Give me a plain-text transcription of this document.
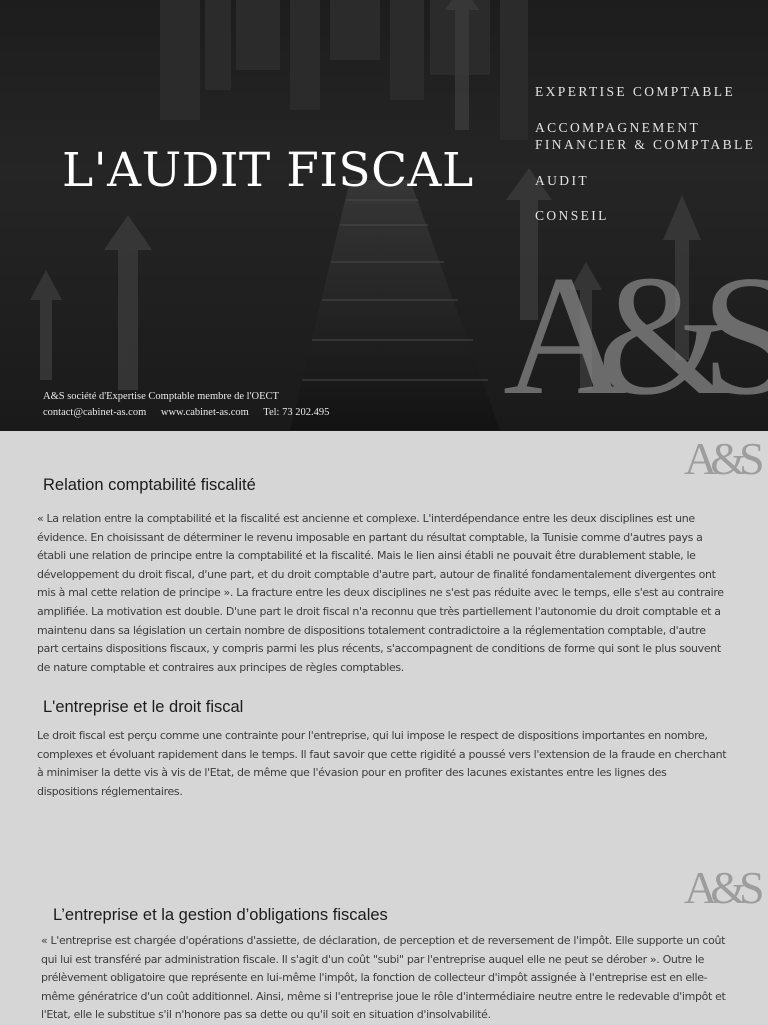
L'AUDIT FISCAL
EXPERTISE COMPTABLE
ACCOMPAGNEMENT
FINANCIER & COMPTABLE
AUDIT
CONSEIL
A&S
A&S société d'Expertise Comptable membre de l'OECT
contact@cabinet-as.com www.cabinet-as.com Tel: 73 202.495
A&S
A&S
Relation comptabilité fiscalité

« La relation entre la comptabilité et la fiscalité est ancienne et complexe. L'interdépendance entre les deux disciplines est une évidence. En choisissant de déterminer le revenu imposable en partant du résultat comptable, la Tunisie comme d'autres pays a établi une relation de principe entre la comptabilité et la fiscalité. Mais le lien ainsi établi ne pouvait être durablement stable, le développement du droit fiscal, d'une part, et du droit comptable d'autre part, autour de finalité fondamentalement divergentes ont mis à mal cette relation de principe ». La fracture entre les deux disciplines ne s'est pas réduite avec le temps, elle s'est au contraire amplifiée. La motivation est double. D'une part le droit fiscal n'a reconnu que très partiellement l'autonomie du droit comptable et a maintenu dans sa législation un certain nombre de dispositions totalement contradictoire a la réglementation comptable, d'autre part certains dispositions fiscaux, y compris parmi les plus récents, s'accompagnent de conditions de forme qui sont le plus souvent de nature comptable et contraires aux principes de règles comptables.

L'entreprise et le droit fiscal

Le droit fiscal est perçu comme une contrainte pour l'entreprise, qui lui impose le respect de dispositions importantes en nombre, complexes et évoluant rapidement dans le temps. Il faut savoir que cette rigidité a poussé vers l'extension de la fraude en cherchant à minimiser la dette vis à vis de l'Etat, de même que l'évasion pour en profiter des lacunes existantes entre les lignes des dispositions réglementaires.

L’entreprise et la gestion d’obligations fiscales

« L'entreprise est chargée d'opérations d'assiette, de déclaration, de perception et de reversement de l'impôt. Elle supporte un coût qui lui est transféré par administration fiscale. Il s'agit d'un coût "subi" par l'entreprise auquel elle ne peut se dérober ». Outre le prélèvement obligatoire que représente en lui-même l'impôt, la fonction de collecteur d'impôt assignée à l'entreprise est en elle-même génératrice d'un coût additionnel. Ainsi, même si l'entreprise joue le rôle d'intermédiaire neutre entre le redevable d'impôt et l'Etat, elle le substitue s'il n'honore pas sa dette ou qu'il soit en situation d'insolvabilité.
